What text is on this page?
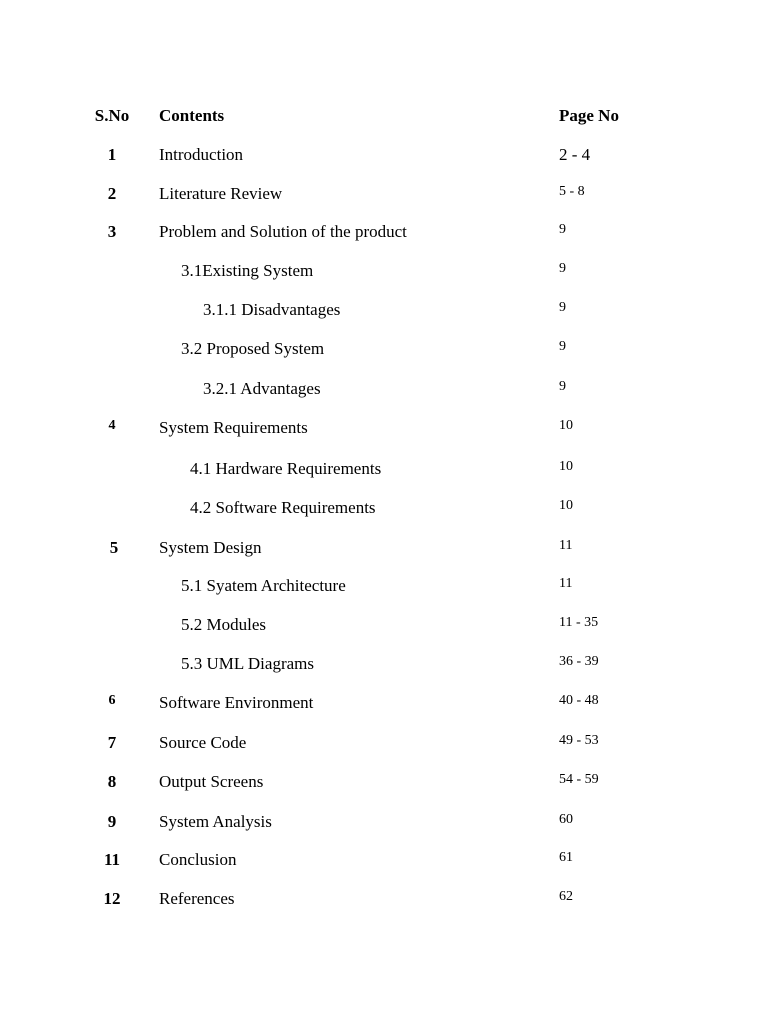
S.No Contents	Page No
1	Introduction	2 - 4
2	Literature Review	5 - 8
3	Problem and Solution of the product	9
3.1Existing System	9
3.1.1 Disadvantages	9
3.2 Proposed System	9
3.2.1 Advantages	9
4	System Requirements	10
4.1 Hardware Requirements	10
4.2 Software Requirements	10
5	System Design	11
5.1 Syatem Architecture	11
5.2 Modules	11 - 35
5.3 UML Diagrams	36 - 39
6	Software Environment	40 - 48
7	Source Code	49 - 53
8	Output Screens	54 - 59
9	System Analysis	60
11	Conclusion	61
12	References	62
